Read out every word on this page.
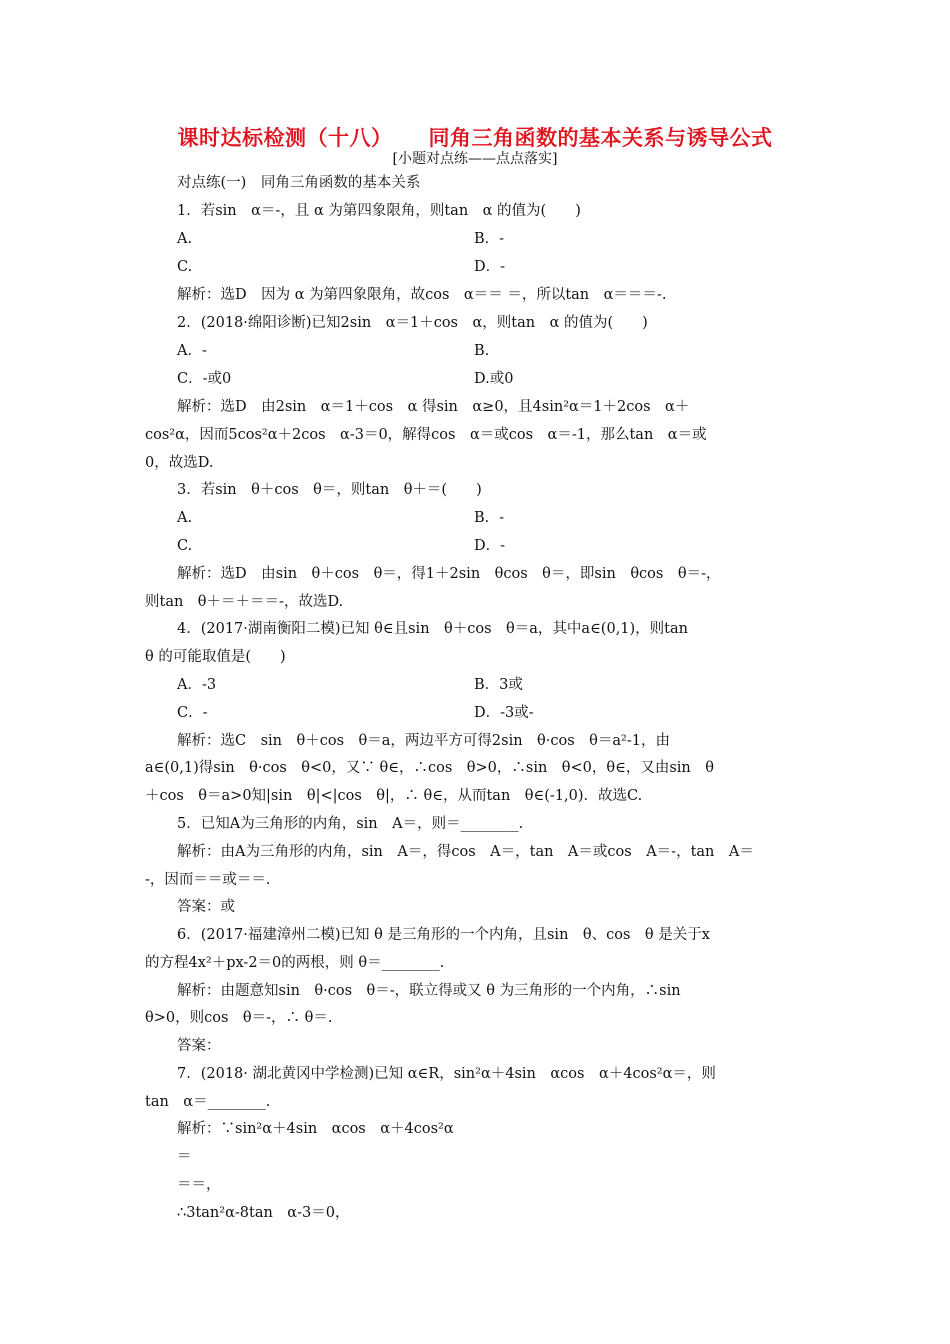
课时达标检测（十八） 同角三角函数的基本关系与诱导公式
[小题对点练——点点落实]
对点练(一)　同角三角函数的基本关系
1．若sin　α＝-，且 α 为第四象限角，则tan　α 的值为(　　)
A.	B．-
C.	D．-
解析：选D　因为 α 为第四象限角，故cos　α＝＝ ＝，所以tan　α＝＝＝-.
2．(2018·绵阳诊断)已知2sin　α＝1＋cos　α，则tan　α 的值为(　　)
A．-	B.
C．-或0	D.或0
解析：选D　由2sin　α＝1＋cos　α 得sin　α≥0，且4sin²α＝1＋2cos　α＋
cos²α，因而5cos²α＋2cos　α-3＝0，解得cos　α＝或cos　α＝-1，那么tan　α＝或
0，故选D.
3．若sin　θ＋cos　θ＝，则tan　θ＋＝(　　)
A.	B．-
C.	D．-
解析：选D　由sin　θ＋cos　θ＝，得1＋2sin　θcos　θ＝，即sin　θcos　θ＝-，
则tan　θ＋＝＋＝＝-，故选D.
4．(2017·湖南衡阳二模)已知 θ∈且sin　θ＋cos　θ＝a，其中a∈(0,1)，则tan
θ 的可能取值是(　　)
A．-3	B．3或
C．-	D．-3或-
解析：选C　sin　θ＋cos　θ＝a，两边平方可得2sin　θ·cos　θ＝a²-1，由
a∈(0,1)得sin　θ·cos　θ<0，又∵ θ∈，∴cos　θ>0，∴sin　θ<0，θ∈，又由sin　θ
＋cos　θ＝a>0知|sin　θ|<|cos　θ|，∴ θ∈，从而tan　θ∈(-1,0)．故选C.
5．已知A为三角形的内角，sin　A＝，则＝________.
解析：由A为三角形的内角，sin　A＝，得cos　A＝，tan　A＝或cos　A＝-，tan　A＝
-，因而＝＝或＝＝.
答案：或
6．(2017·福建漳州二模)已知 θ 是三角形的一个内角，且sin　θ、cos　θ 是关于x
的方程4x²＋px-2＝0的两根，则 θ＝________.
解析：由题意知sin　θ·cos　θ＝-，联立得或又 θ 为三角形的一个内角，∴sin
θ>0，则cos　θ＝-，∴ θ＝.
答案：
7．(2018· 湖北黄冈中学检测)已知 α∈R，sin²α＋4sin　αcos　α＋4cos²α＝，则
tan　α＝________.
解析：∵sin²α＋4sin　αcos　α＋4cos²α
＝
＝＝，
∴3tan²α-8tan　α-3＝0，
